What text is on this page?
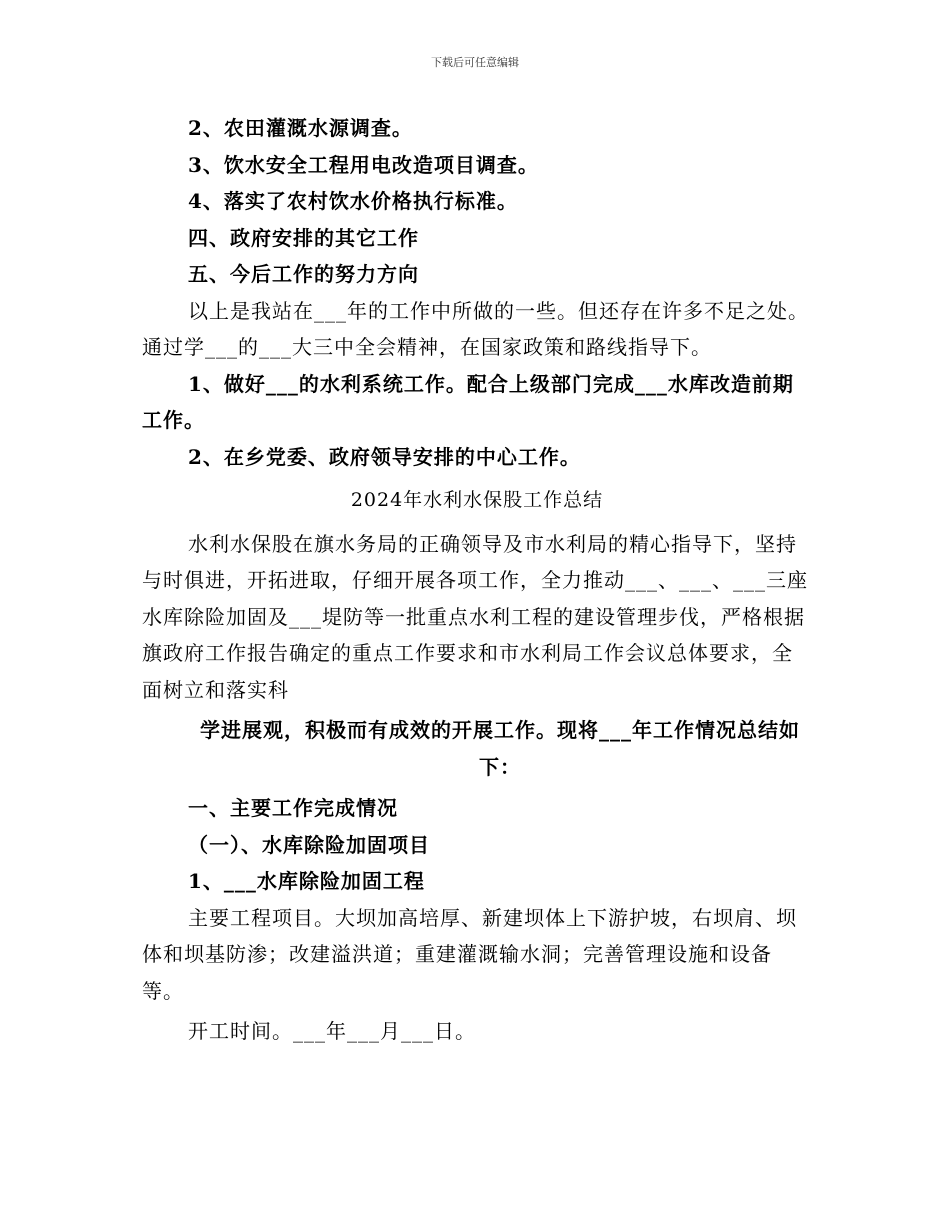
下载后可任意编辑

2、农田灌溉水源调查。

3、饮水安全工程用电改造项目调查。

4、落实了农村饮水价格执行标准。

四、政府安排的其它工作

五、今后工作的努力方向

以上是我站在___年的工作中所做的一些。但还存在许多不足之处。通过学___的___大三中全会精神，在国家政策和路线指导下。

1、做好___的水利系统工作。配合上级部门完成___水库改造前期工作。

2、在乡党委、政府领导安排的中心工作。

2024年水利水保股工作总结

水利水保股在旗水务局的正确领导及市水利局的精心指导下，坚持与时俱进，开拓进取，仔细开展各项工作，全力推动___、___、___三座水库除险加固及___堤防等一批重点水利工程的建设管理步伐，严格根据旗政府工作报告确定的重点工作要求和市水利局工作会议总体要求，全面树立和落实科

学进展观，积极而有成效的开展工作。现将___年工作情况总结如下：

一、主要工作完成情况

（一）、水库除险加固项目

1、___水库除险加固工程

主要工程项目。大坝加高培厚、新建坝体上下游护坡，右坝肩、坝体和坝基防渗；改建溢洪道；重建灌溉输水洞；完善管理设施和设备等。

开工时间。___年___月___日。
